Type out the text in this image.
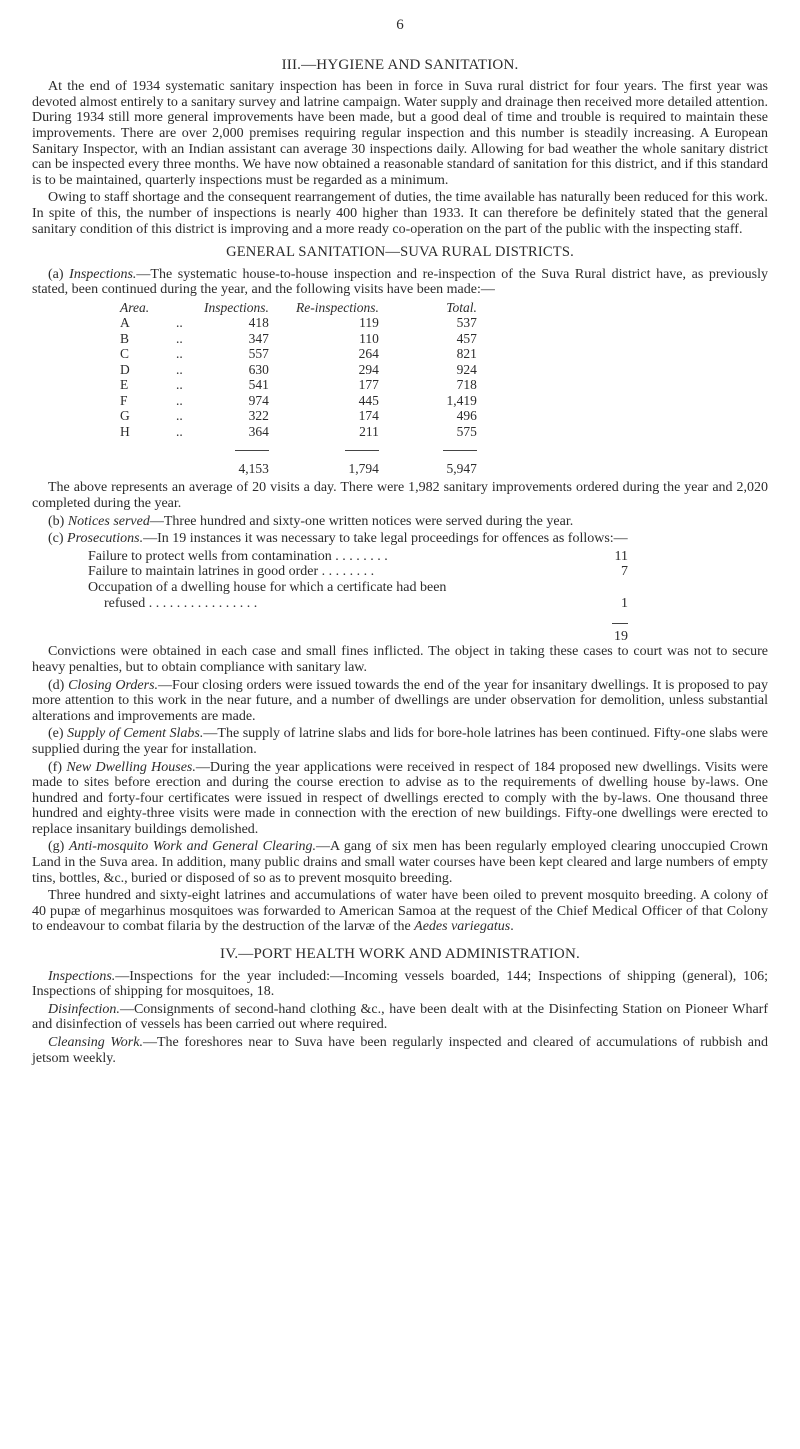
6
III.—HYGIENE AND SANITATION.

At the end of 1934 systematic sanitary inspection has been in force in Suva rural district for four years. The first year was devoted almost entirely to a sanitary survey and latrine campaign. Water supply and drainage then received more detailed attention. During 1934 still more general improvements have been made, but a good deal of time and trouble is required to maintain these improvements. There are over 2,000 premises requiring regular inspection and this number is steadily increasing. A European Sanitary Inspector, with an Indian assistant can average 30 inspections daily. Allowing for bad weather the whole sanitary district can be inspected every three months. We have now obtained a reasonable standard of sanitation for this district, and if this standard is to be maintained, quarterly inspections must be regarded as a minimum.

Owing to staff shortage and the consequent rearrangement of duties, the time available has naturally been reduced for this work. In spite of this, the number of inspections is nearly 400 higher than 1933. It can therefore be definitely stated that the general sanitary condition of this district is improving and a more ready co-operation on the part of the public with the inspecting staff.

GENERAL SANITATION—SUVA RURAL DISTRICTS.

(a) Inspections.—The systematic house-to-house inspection and re-inspection of the Suva Rural district have, as previously stated, been continued during the year, and the following visits have been made:—

Area.		Inspections.	Re-inspections.	Total.
A	..	418	119	537
B	..	347	110	457
C	..	557	264	821
D	..	630	294	924
E	..	541	177	718
F	..	974	445	1,419
G	..	322	174	496
H	..	364	211	575

		4,153	1,794	5,947

The above represents an average of 20 visits a day. There were 1,982 sanitary improvements ordered during the year and 2,020 completed during the year.

(b) Notices served—Three hundred and sixty-one written notices were served during the year.

(c) Prosecutions.—In 19 instances it was necessary to take legal proceedings for offences as follows:—

Failure to protect wells from contamination . . . . . . . .	11
Failure to maintain latrines in good order . . . . . . . .	7
Occupation of a dwelling house for which a certificate had been
refused . . . . . . . . . . . . . . . .	1

19

Convictions were obtained in each case and small fines inflicted. The object in taking these cases to court was not to secure heavy penalties, but to obtain compliance with sanitary law.

(d) Closing Orders.—Four closing orders were issued towards the end of the year for insanitary dwellings. It is proposed to pay more attention to this work in the near future, and a number of dwellings are under observation for demolition, unless substantial alterations and improvements are made.

(e) Supply of Cement Slabs.—The supply of latrine slabs and lids for bore-hole latrines has been continued. Fifty-one slabs were supplied during the year for installation.

(f) New Dwelling Houses.—During the year applications were received in respect of 184 proposed new dwellings. Visits were made to sites before erection and during the course erection to advise as to the requirements of dwelling house by-laws. One hundred and forty-four certificates were issued in respect of dwellings erected to comply with the by-laws. One thousand three hundred and eighty-three visits were made in connection with the erection of new buildings. Fifty-one dwellings were erected to replace insanitary buildings demolished.

(g) Anti-mosquito Work and General Clearing.—A gang of six men has been regularly employed clearing unoccupied Crown Land in the Suva area. In addition, many public drains and small water courses have been kept cleared and large numbers of empty tins, bottles, &c., buried or disposed of so as to prevent mosquito breeding.

Three hundred and sixty-eight latrines and accumulations of water have been oiled to prevent mosquito breeding. A colony of 40 pupæ of megarhinus mosquitoes was forwarded to American Samoa at the request of the Chief Medical Officer of that Colony to endeavour to combat filaria by the destruction of the larvæ of the Aedes variegatus.

IV.—PORT HEALTH WORK AND ADMINISTRATION.

Inspections.—Inspections for the year included:—Incoming vessels boarded, 144; Inspections of shipping (general), 106; Inspections of shipping for mosquitoes, 18.

Disinfection.—Consignments of second-hand clothing &c., have been dealt with at the Disinfecting Station on Pioneer Wharf and disinfection of vessels has been carried out where required.

Cleansing Work.—The foreshores near to Suva have been regularly inspected and cleared of accumulations of rubbish and jetsom weekly.
